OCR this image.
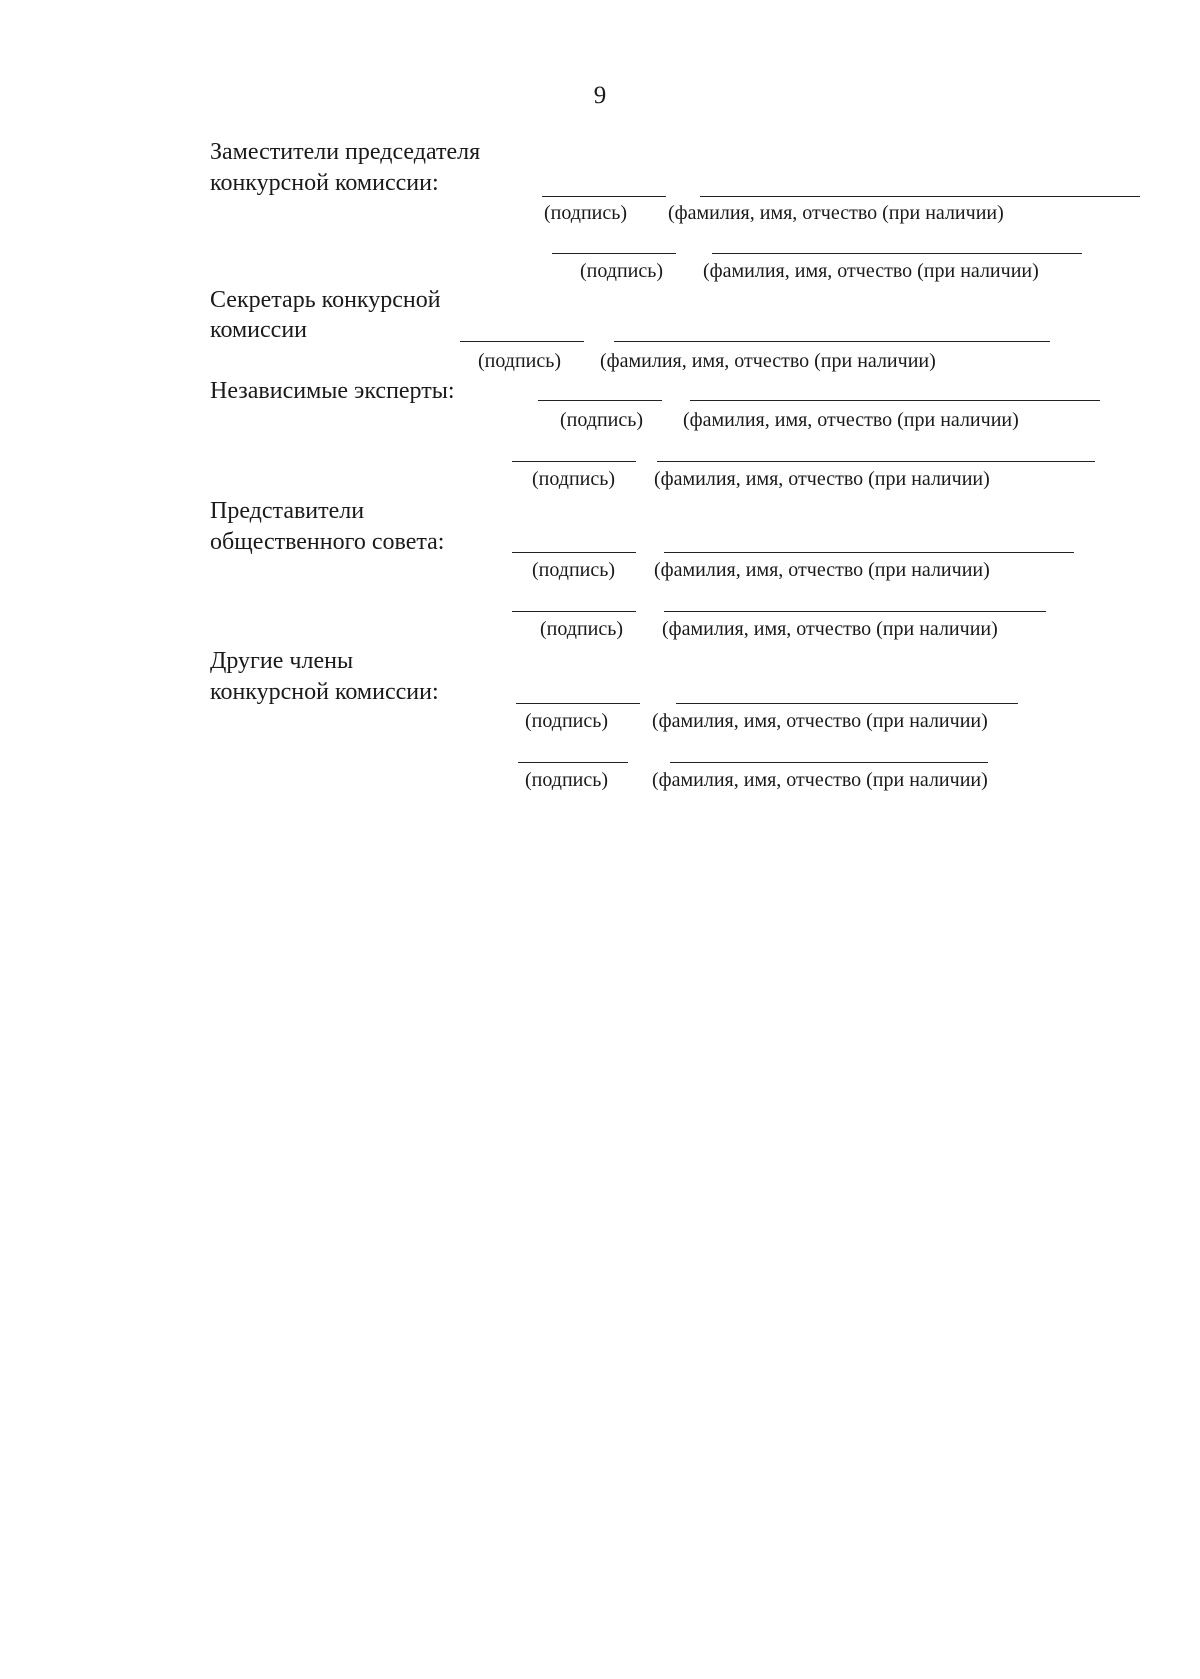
9
Заместители председателя
конкурсной комиссии:
(подпись) (фамилия, имя, отчество (при наличии)
(подпись) (фамилия, имя, отчество (при наличии)
Секретарь конкурсной
комиссии
(подпись) (фамилия, имя, отчество (при наличии)
Независимые эксперты:
(подпись) (фамилия, имя, отчество (при наличии)
(подпись) (фамилия, имя, отчество (при наличии)
Представители
общественного совета:
(подпись) (фамилия, имя, отчество (при наличии)
(подпись) (фамилия, имя, отчество (при наличии)
Другие члены
конкурсной комиссии:
(подпись) (фамилия, имя, отчество (при наличии)
(подпись) (фамилия, имя, отчество (при наличии)
